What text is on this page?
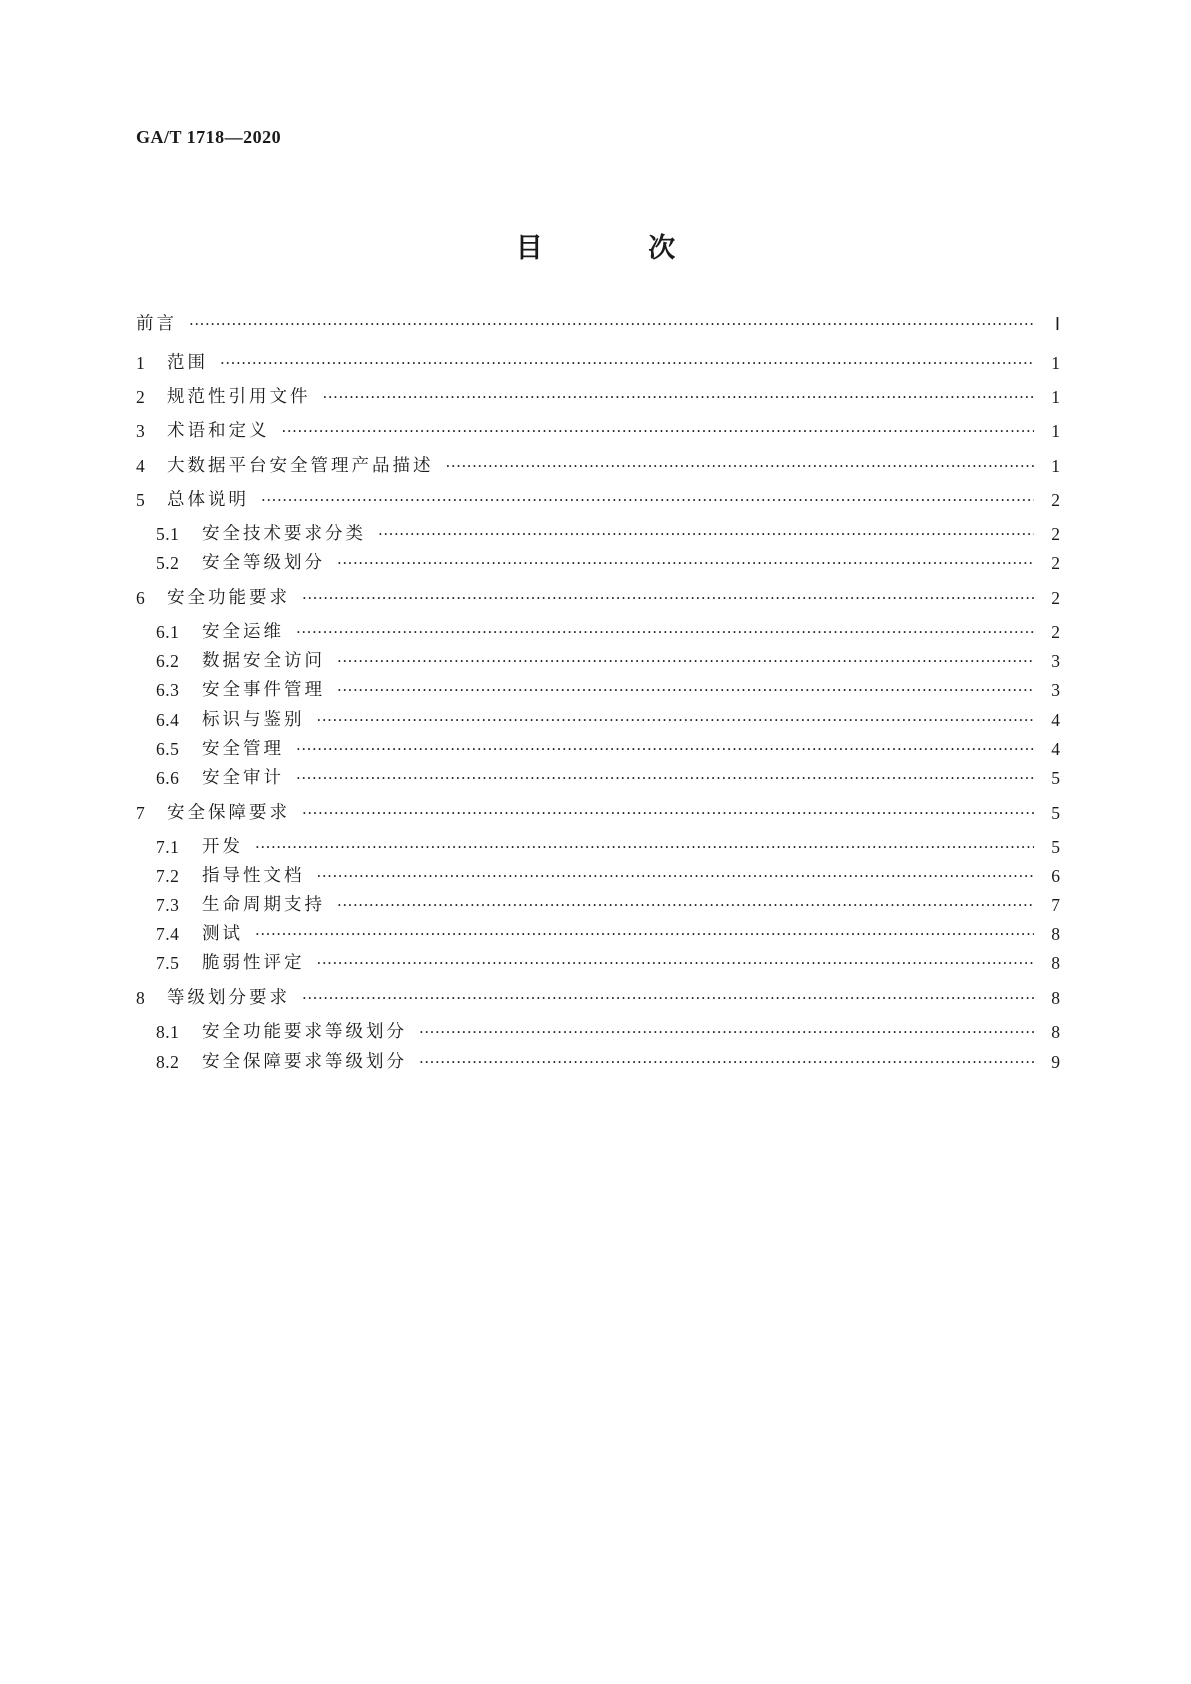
GA/T 1718—2020
目 次
前言 ·····	Ⅰ
1	范围 ·····	1
2	规范性引用文件 ·····	1
3	术语和定义 ·····	1
4	大数据平台安全管理产品描述 ·····	1
5	总体说明 ·····	2
5.1	安全技术要求分类 ·····	2
5.2	安全等级划分 ·····	2
6	安全功能要求 ·····	2
6.1	安全运维 ·····	2
6.2	数据安全访问 ·····	3
6.3	安全事件管理 ·····	3
6.4	标识与鉴别 ·····	4
6.5	安全管理 ·····	4
6.6	安全审计 ·····	5
7	安全保障要求 ·····	5
7.1	开发 ·····	5
7.2	指导性文档 ·····	6
7.3	生命周期支持 ·····	7
7.4	测试 ·····	8
7.5	脆弱性评定 ·····	8
8	等级划分要求 ·····	8
8.1	安全功能要求等级划分 ·····	8
8.2	安全保障要求等级划分 ·····	9
